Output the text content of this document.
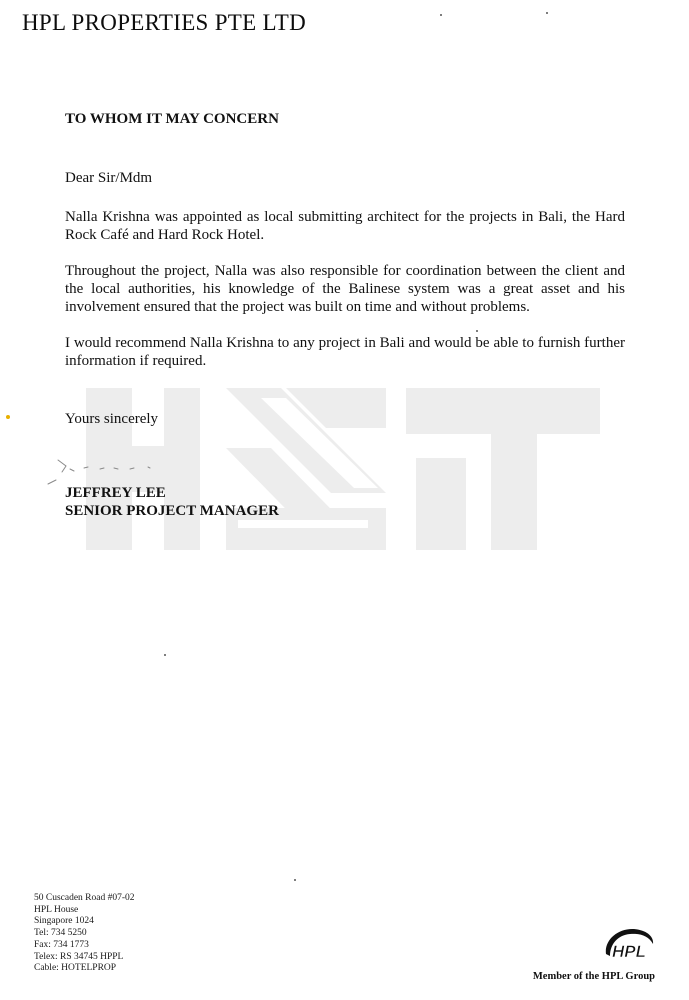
HPL PROPERTIES PTE LTD
TO WHOM IT MAY CONCERN
Dear Sir/Mdm
Nalla Krishna was appointed as local submitting architect for the projects in Bali, the Hard Rock Café and Hard Rock Hotel.
Throughout the project, Nalla was also responsible for coordination between the client and the local authorities, his knowledge of the Balinese system was a great asset and his involvement ensured that the project was built on time and without problems.
I would recommend Nalla Krishna to any project in Bali and would be able to furnish further information if required.
Yours sincerely
JEFFREY LEE
SENIOR PROJECT MANAGER
50 Cuscaden Road #07-02
HPL House
Singapore 1024
Tel: 734 5250
Fax: 734 1773
Telex: RS 34745 HPPL
Cable: HOTELPROP
HPL
Member of the HPL Group
